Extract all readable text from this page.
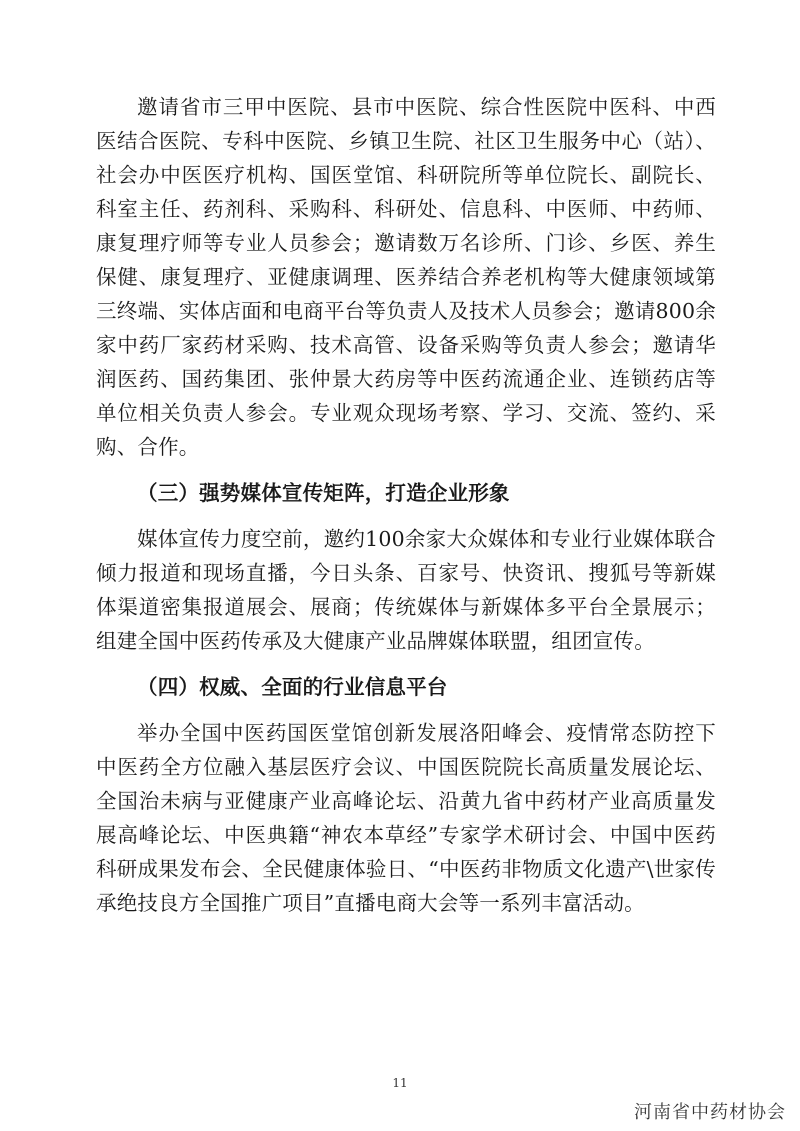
邀请省市三甲中医院、县市中医院、综合性医院中医科、中西医结合医院、专科中医院、乡镇卫生院、社区卫生服务中心（站）、社会办中医医疗机构、国医堂馆、科研院所等单位院长、副院长、科室主任、药剂科、采购科、科研处、信息科、中医师、中药师、康复理疗师等专业人员参会；邀请数万名诊所、门诊、乡医、养生保健、康复理疗、亚健康调理、医养结合养老机构等大健康领域第三终端、实体店面和电商平台等负责人及技术人员参会；邀请800余家中药厂家药材采购、技术高管、设备采购等负责人参会；邀请华润医药、国药集团、张仲景大药房等中医药流通企业、连锁药店等单位相关负责人参会。专业观众现场考察、学习、交流、签约、采购、合作。

（三）强势媒体宣传矩阵，打造企业形象

媒体宣传力度空前，邀约100余家大众媒体和专业行业媒体联合倾力报道和现场直播，今日头条、百家号、快资讯、搜狐号等新媒体渠道密集报道展会、展商；传统媒体与新媒体多平台全景展示；组建全国中医药传承及大健康产业品牌媒体联盟，组团宣传。

（四）权威、全面的行业信息平台

举办全国中医药国医堂馆创新发展洛阳峰会、疫情常态防控下中医药全方位融入基层医疗会议、中国医院院长高质量发展论坛、全国治未病与亚健康产业高峰论坛、沿黄九省中药材产业高质量发展高峰论坛、中医典籍“神农本草经”专家学术研讨会、中国中医药科研成果发布会、全民健康体验日、“中医药非物质文化遗产\世家传承绝技良方全国推广项目”直播电商大会等一系列丰富活动。

11
河南省中药材协会
